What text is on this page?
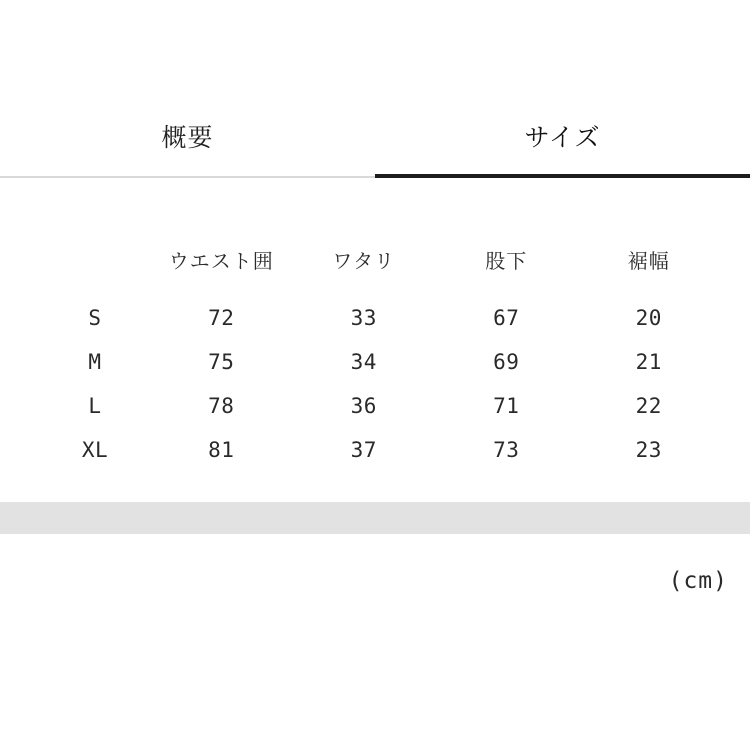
概要	サイズ
	ウエスト囲	ワタリ	股下	裾幅
S	72	33	67	20
M	75	34	69	21
L	78	36	71	22
XL	81	37	73	23
(cm)
